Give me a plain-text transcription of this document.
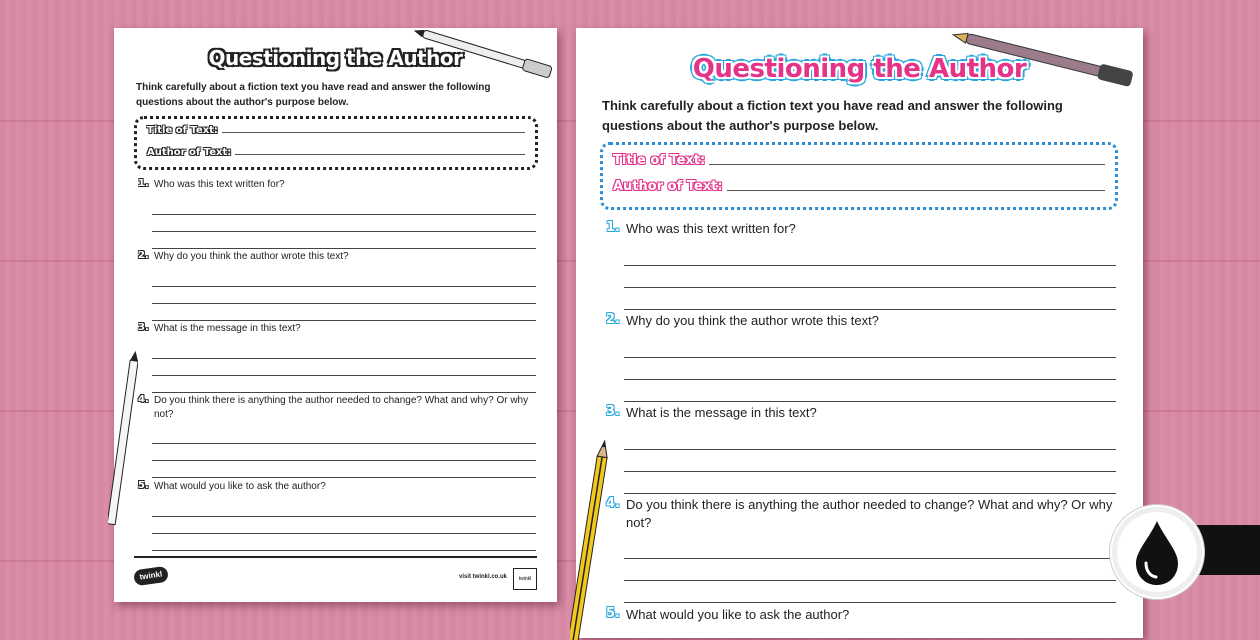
Questioning the Author
Think carefully about a fiction text you have read and answer the following questions about the author's purpose below.
Title of Text:
Author of Text:
1. Who was this text written for?
2. Why do you think the author wrote this text?
3. What is the message in this text?
4. Do you think there is anything the author needed to change? What and why? Or why not?
5. What would you like to ask the author?
twinkl	visit twinkl.co.uk	twinkl
Questioning the Author
Think carefully about a fiction text you have read and answer the following questions about the author's purpose below.
Title of Text:
Author of Text:
1. Who was this text written for?
2. Why do you think the author wrote this text?
3. What is the message in this text?
4. Do you think there is anything the author needed to change? What and why? Or why not?
5. What would you like to ask the author?
